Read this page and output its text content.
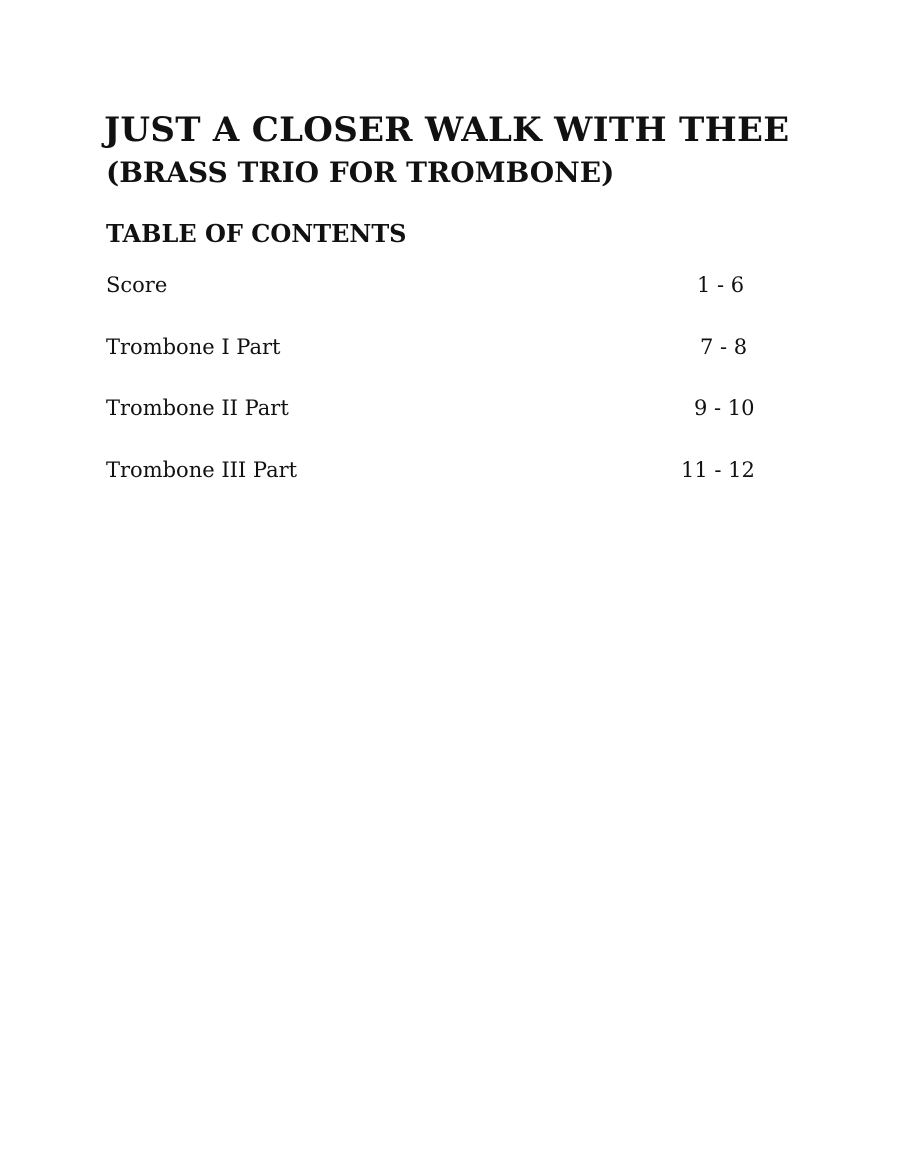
JUST A CLOSER WALK WITH THEE
(BRASS TRIO FOR TROMBONE)
TABLE OF CONTENTS
Score	1 - 6
Trombone I Part	7 - 8
Trombone II Part	9 - 10
Trombone III Part	11 - 12
